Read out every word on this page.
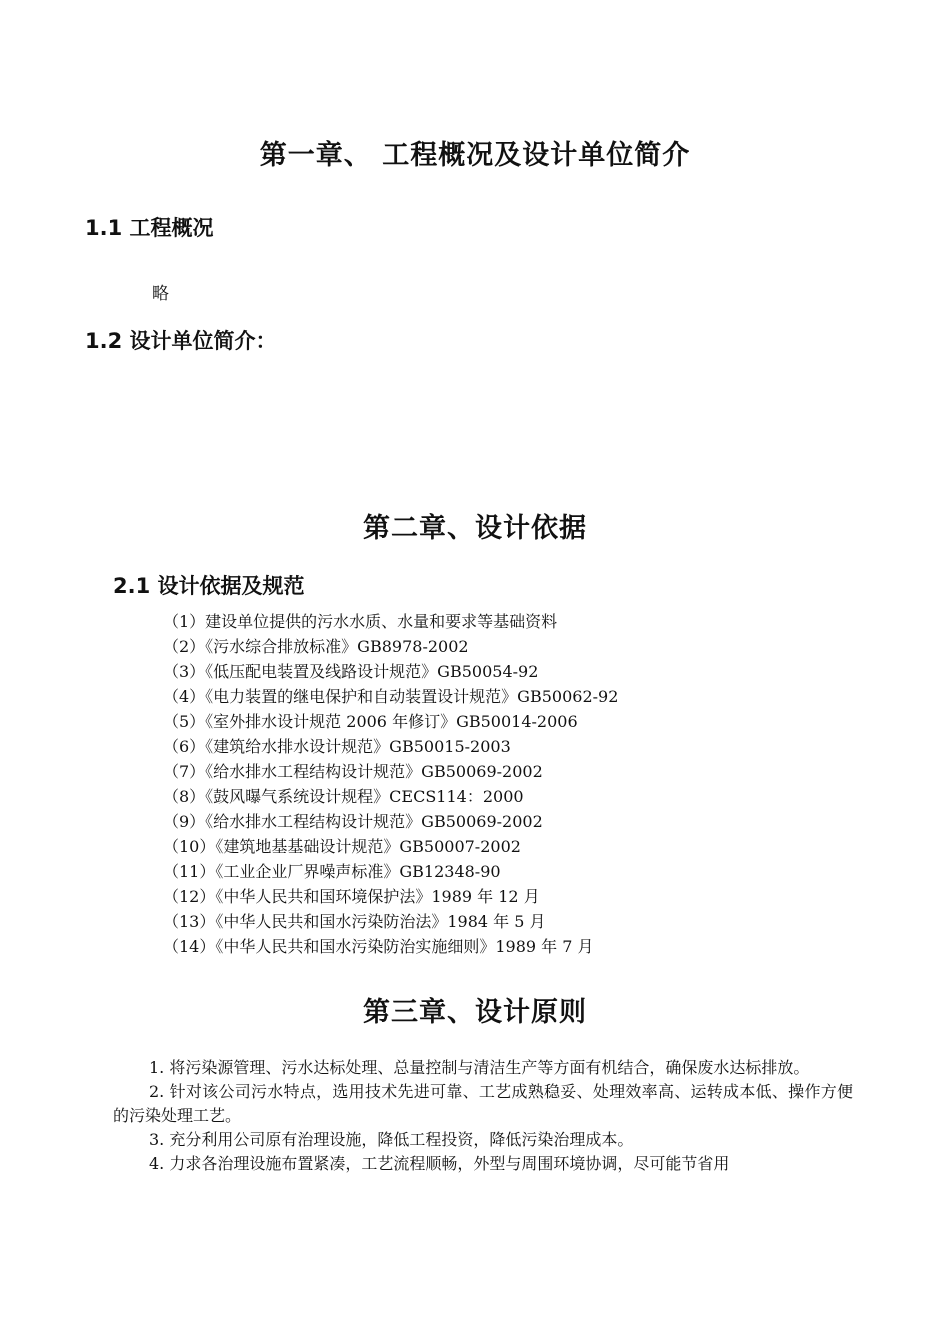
第一章、 工程概况及设计单位简介
1.1 工程概况

略

1.2 设计单位简介：
第二章、设计依据
2.1 设计依据及规范
（1）建设单位提供的污水水质、水量和要求等基础资料
（2）《污水综合排放标准》GB8978-2002
（3）《低压配电装置及线路设计规范》GB50054-92
（4）《电力装置的继电保护和自动装置设计规范》GB50062-92
（5）《室外排水设计规范 2006 年修订》GB50014-2006
（6）《建筑给水排水设计规范》GB50015-2003
（7）《给水排水工程结构设计规范》GB50069-2002
（8）《鼓风曝气系统设计规程》CECS114：2000
（9）《给水排水工程结构设计规范》GB50069-2002
（10）《建筑地基基础设计规范》GB50007-2002
（11）《工业企业厂界噪声标准》GB12348-90
（12）《中华人民共和国环境保护法》1989 年 12 月
（13）《中华人民共和国水污染防治法》1984 年 5 月
（14）《中华人民共和国水污染防治实施细则》1989 年 7 月
第三章、设计原则
1. 将污染源管理、污水达标处理、总量控制与清洁生产等方面有机结合，确保废水达标排放。
2. 针对该公司污水特点，选用技术先进可靠、工艺成熟稳妥、处理效率高、运转成本低、操作方便的污染处理工艺。
3. 充分利用公司原有治理设施，降低工程投资，降低污染治理成本。
4. 力求各治理设施布置紧凑，工艺流程顺畅，外型与周围环境协调，尽可能节省用
